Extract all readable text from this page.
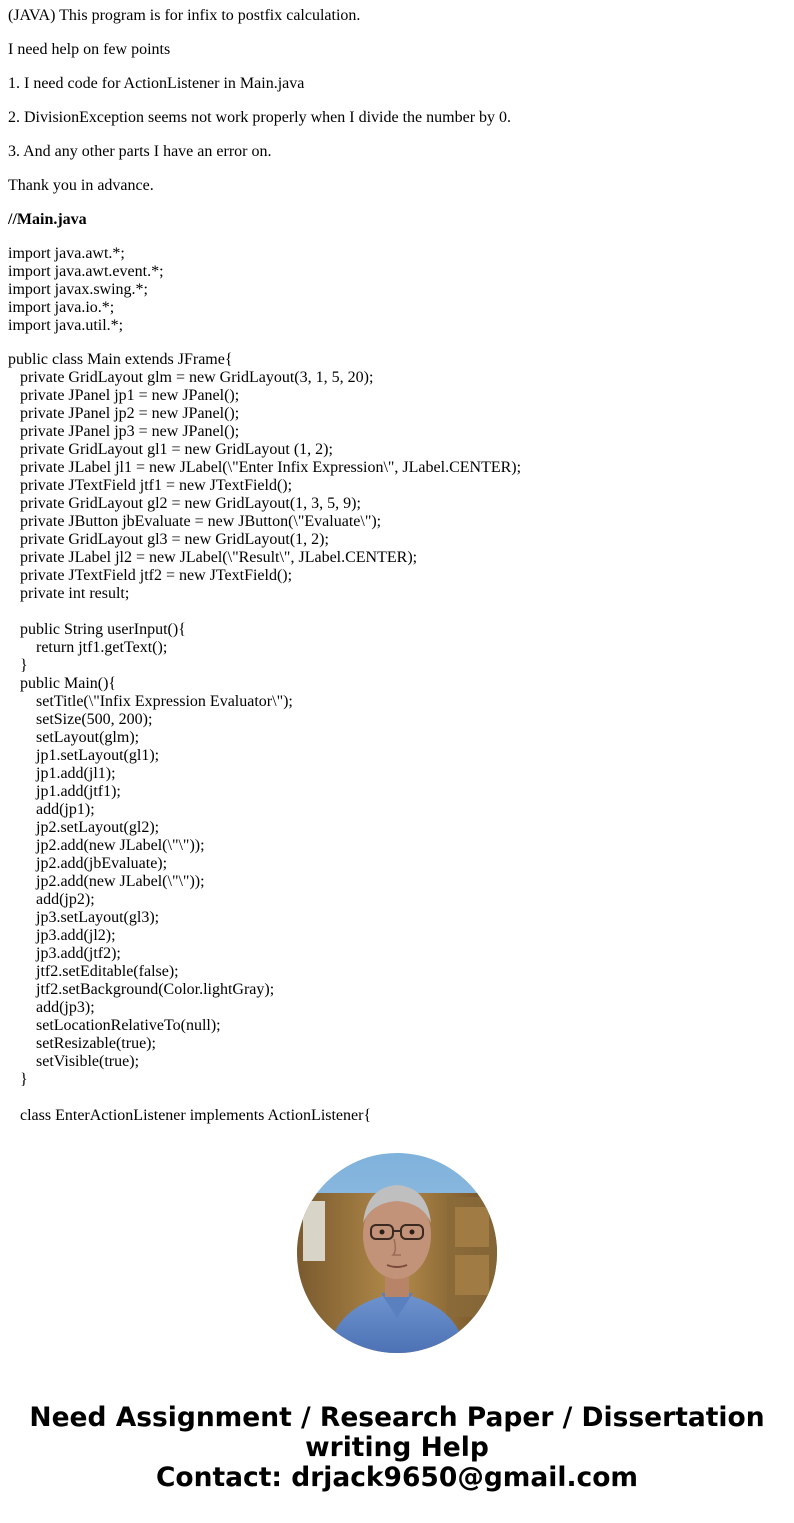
(JAVA) This program is for infix to postfix calculation.

I need help on few points

1. I need code for ActionListener in Main.java

2. DivisionException seems not work properly when I divide the number by 0.

3. And any other parts I have an error on.

Thank you in advance.

//Main.java

import java.awt.*;
import java.awt.event.*;
import javax.swing.*;
import java.io.*;
import java.util.*;
public class Main extends JFrame{
private GridLayout glm = new GridLayout(3, 1, 5, 20);
private JPanel jp1 = new JPanel();
private JPanel jp2 = new JPanel();
private JPanel jp3 = new JPanel();
private GridLayout gl1 = new GridLayout (1, 2);
private JLabel jl1 = new JLabel(\"Enter Infix Expression\", JLabel.CENTER);
private JTextField jtf1 = new JTextField();
private GridLayout gl2 = new GridLayout(1, 3, 5, 9);
private JButton jbEvaluate = new JButton(\"Evaluate\");
private GridLayout gl3 = new GridLayout(1, 2);
private JLabel jl2 = new JLabel(\"Result\", JLabel.CENTER);
private JTextField jtf2 = new JTextField();
private int result;
public String userInput(){
return jtf1.getText();
}
public Main(){
setTitle(\"Infix Expression Evaluator\");
setSize(500, 200);
setLayout(glm);
jp1.setLayout(gl1);
jp1.add(jl1);
jp1.add(jtf1);
add(jp1);
jp2.setLayout(gl2);
jp2.add(new JLabel(\"\"));
jp2.add(jbEvaluate);
jp2.add(new JLabel(\"\"));
add(jp2);
jp3.setLayout(gl3);
jp3.add(jl2);
jp3.add(jtf2);
jtf2.setEditable(false);
jtf2.setBackground(Color.lightGray);
add(jp3);
setLocationRelativeTo(null);
setResizable(true);
setVisible(true);
}
class EnterActionListener implements ActionListener{
Need Assignment / Research Paper / Dissertation
writing Help
Contact: drjack9650@gmail.com
